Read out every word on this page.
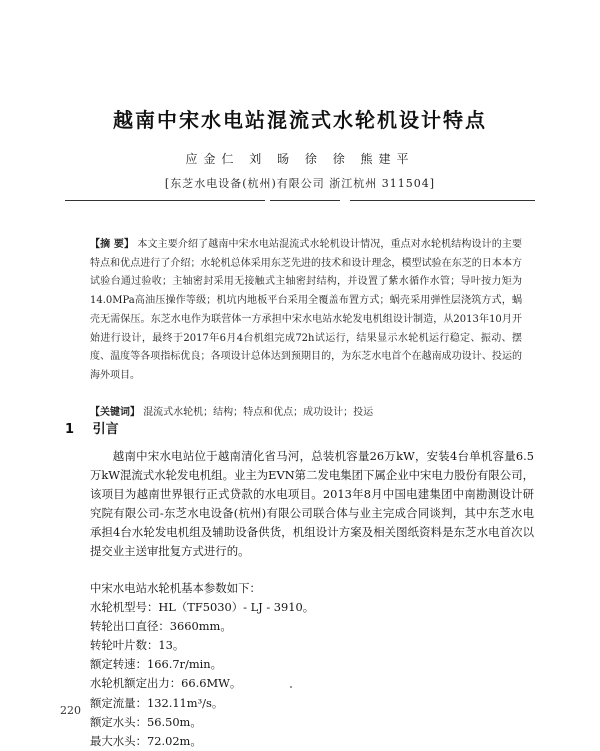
越南中宋水电站混流式水轮机设计特点
应金仁 刘 旸 徐 徐 熊建平
[东芝水电设备(杭州)有限公司 浙江杭州 311504]
【摘 要】 本文主要介绍了越南中宋水电站混流式水轮机设计情况，重点对水轮机结构设计的主要特点和优点进行了介绍；水轮机总体采用东芝先进的技术和设计理念，模型试验在东芝的日本本方试验台通过验收；主轴密封采用无接触式主轴密封结构，并设置了紫水循作水管；导叶按力矩为14.0MPa高油压操作等级；机坑内地板平台采用全覆盖布置方式；蜗壳采用弹性层浇筑方式，蜗壳无需保压。东芝水电作为联营体一方承担中宋水电站水轮发电机组设计制造，从2013年10月开始进行设计，最终于2017年6月4台机组完成72h试运行，结果显示水轮机运行稳定、振动、摆度、温度等各项指标优良；各项设计总体达到预期目的，为东芝水电首个在越南成功设计、投运的海外项目。
【关键词】 混流式水轮机；结构；特点和优点；成功设计；投运
1 引言

越南中宋水电站位于越南清化省马河，总装机容量26万kW，安装4台单机容量6.5万kW混流式水轮发电机组。业主为EVN第二发电集团下属企业中宋电力股份有限公司，该项目为越南世界银行正式贷款的水电项目。2013年8月中国电建集团中南勘测设计研究院有限公司-东芝水电设备(杭州)有限公司联合体与业主完成合同谈判，其中东芝水电承担4台水轮发电机组及辅助设备供货，机组设计方案及相关图纸资料是东芝水电首次以提交业主送审批复方式进行的。

中宋水电站水轮机基本参数如下：
水轮机型号：HL（TF5030）- LJ - 3910。
转轮出口直径：3660mm。
转轮叶片数：13。
额定转速：166.7r/min。
水轮机额定出力：66.6MW。
额定流量：132.11m³/s。
额定水头：56.50m。
最大水头：72.02m。
220
